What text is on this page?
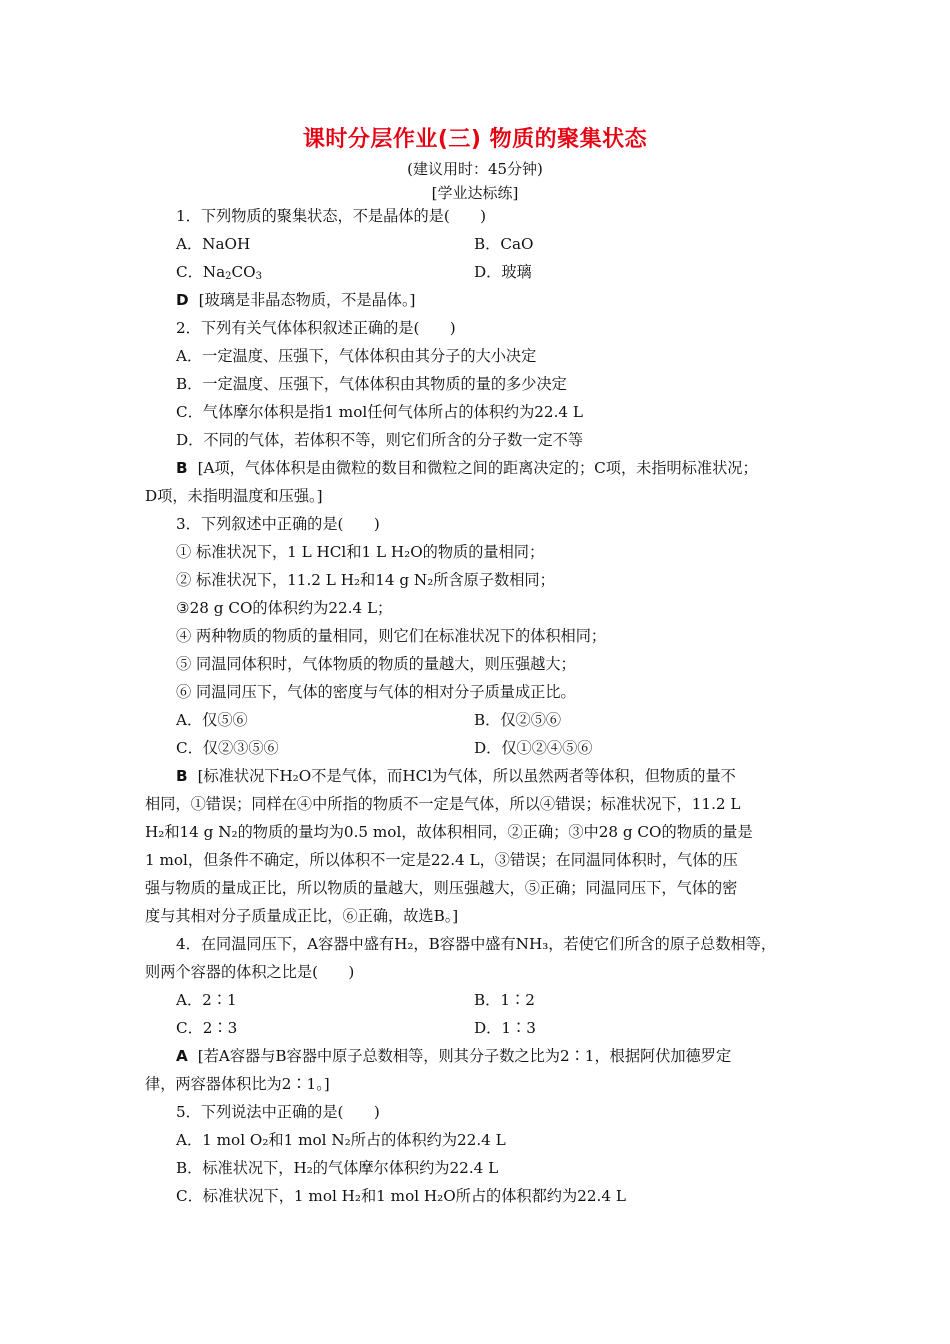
课时分层作业(三) 物质的聚集状态
(建议用时：45分钟)
[学业达标练]
1．下列物质的聚集状态，不是晶体的是(　　)
A．NaOH	B．CaO
C．$Na_2CO_3$	D．玻璃
D [玻璃是非晶态物质，不是晶体。]
2．下列有关气体体积叙述正确的是(　　)
A．一定温度、压强下，气体体积由其分子的大小决定
B．一定温度、压强下，气体体积由其物质的量的多少决定
C．气体摩尔体积是指1 mol任何气体所占的体积约为22.4 L
D．不同的气体，若体积不等，则它们所含的分子数一定不等
B [A项，气体体积是由微粒的数目和微粒之间的距离决定的；C项，未指明标准状况；
D项，未指明温度和压强。]
3．下列叙述中正确的是(　　)
① 标准状况下，1 L HCl和1 L H₂O的物质的量相同；
② 标准状况下，11.2 L H₂和14 g N₂所含原子数相同；
③28 g CO的体积约为22.4 L；
④ 两种物质的物质的量相同，则它们在标准状况下的体积相同；
⑤ 同温同体积时，气体物质的物质的量越大，则压强越大；
⑥ 同温同压下，气体的密度与气体的相对分子质量成正比。
A．仅⑤⑥	B．仅②⑤⑥
C．仅②③⑤⑥	D．仅①②④⑤⑥
B [标准状况下H₂O不是气体，而HCl为气体，所以虽然两者等体积，但物质的量不
相同，①错误；同样在④中所指的物质不一定是气体，所以④错误；标准状况下，11.2 L
H₂和14 g N₂的物质的量均为0.5 mol，故体积相同，②正确；③中28 g CO的物质的量是
1 mol，但条件不确定，所以体积不一定是22.4 L，③错误；在同温同体积时，气体的压
强与物质的量成正比，所以物质的量越大，则压强越大，⑤正确；同温同压下，气体的密
度与其相对分子质量成正比，⑥正确，故选B。]
4．在同温同压下，A容器中盛有H₂，B容器中盛有NH₃，若使它们所含的原子总数相等，
则两个容器的体积之比是(　　)
A．2∶1	B．1∶2
C．2∶3	D．1∶3
A [若A容器与B容器中原子总数相等，则其分子数之比为2∶1，根据阿伏加德罗定
律，两容器体积比为2∶1。]
5．下列说法中正确的是(　　)
A．1 mol O₂和1 mol N₂所占的体积约为22.4 L
B．标准状况下，H₂的气体摩尔体积约为22.4 L
C．标准状况下，1 mol H₂和1 mol H₂O所占的体积都约为22.4 L
